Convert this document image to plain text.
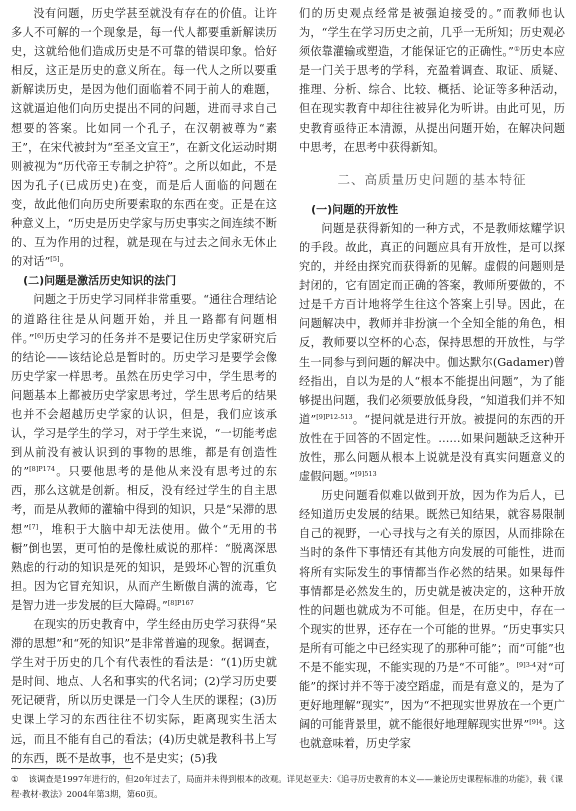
没有问题，历史学甚至就没有存在的价值。让许多人不可解的一个现象是，每一代人都要重新解读历史，这就给他们造成历史是不可靠的错误印象。恰好相反，这正是历史的意义所在。每一代人之所以要重新解读历史，是因为他们面临着不同于前人的难题，这就逼迫他们向历史提出不同的问题，进而寻求自己想要的答案。比如同一个孔子，在汉朝被尊为“素王”，在宋代被封为“至圣文宣王”，在新文化运动时期则被视为“历代帝王专制之护符”。之所以如此，不是因为孔子(已成历史)在变，而是后人面临的问题在变，故此他们向历史所要索取的东西在变。正是在这种意义上，“历史是历史学家与历史事实之间连续不断的、互为作用的过程，就是现在与过去之间永无休止的对话”[5]。

(二)问题是激活历史知识的法门

问题之于历史学习同样非常重要。“通往合理结论的道路往往是从问题开始，并且一路都有问题相伴。”[6]历史学习的任务并不是要记住历史学家研究后的结论——该结论总是暂时的。历史学习是要学会像历史学家一样思考。虽然在历史学习中，学生思考的问题基本上都被历史学家思考过，学生思考后的结果也并不会超越历史学家的认识，但是，我们应该承认，学习是学生的学习，对于学生来说，“一切能考虑到从前没有被认识到的事物的思维，都是有创造性的”$^{[8]P174}$。只要他思考的是他从来没有思考过的东西，那么这就是创新。相反，没有经过学生的自主思考，而是从教师的灌输中得到的知识，只是“呆滞的思想”[7]，堆积于大脑中却无法使用。做个“无用的书橱”倒也罢，更可怕的是像杜威说的那样：“脱离深思熟虑的行动的知识是死的知识，是毁坏心智的沉重负担。因为它冒充知识，从而产生断傲自满的流毒，它是智力进一步发展的巨大障碍。”$^{[8]P167}$

在现实的历史教育中，学生经由历史学习获得“呆滞的思想”和“死的知识”是非常普遍的现象。据调查，学生对于历史的几个有代表性的看法是：“(1)历史就是时间、地点、人名和事实的代名词；(2)学习历史要死记硬背，所以历史课是一门令人生厌的课程；(3)历史课上学习的东西往往不切实际，距离现实生活太远，而且不能有自己的看法；(4)历史就是教科书上写的东西，既不是故事，也不是史实；(5)我

们的历史观点经常是被强迫接受的。”而教师也认为，“学生在学习历史之前，几乎一无所知；历史观必须依靠灌输或塑造，才能保证它的正确性。”①历史本应是一门关于思考的学科，充盈着调查、取证、质疑、推理、分析、综合、比较、概括、论证等多种活动，但在现实教育中却往往被异化为听讲。由此可见，历史教育亟待正本清源，从提出问题开始，在解决问题中思考，在思考中获得新知。

二、高质量历史问题的基本特征
(一)问题的开放性

问题是获得新知的一种方式，不是教师炫耀学识的手段。故此，真正的问题应具有开放性，是可以探究的，并经由探究而获得新的见解。虚假的问题则是封闭的，它有固定而正确的答案，教师所要做的，不过是千方百计地将学生往这个答案上引导。因此，在问题解决中，教师并非扮演一个全知全能的角色，相反，教师要以空杯的心态，保持思想的开放性，与学生一同参与到问题的解决中。伽达默尔(Gadamer)曾经指出，自以为是的人“根本不能提出问题”，为了能够提出问题，我们必须要放低身段，“知道我们并不知道”$^{[9]P12-513}$。“提问就是进行开放。被提问的东西的开放性在于回答的不固定性。……如果问题缺乏这种开放性，那么问题从根本上说就是没有真实问题意义的虚假问题。”$^{[9]513}$

历史问题看似难以做到开放，因为作为后人，已经知道历史发展的结果。既然已知结果，就容易限制自己的视野，一心寻找与之有关的原因，从而排除在当时的条件下事情还有其他方向发展的可能性，进而将所有实际发生的事情都当作必然的结果。如果每件事情都是必然发生的，历史就是被决定的，这种开放性的问题也就成为不可能。但是，在历史中，存在一个现实的世界，还存在一个可能的世界。“历史事实只是所有可能之中已经实现了的那种可能”；而“可能”也不是不能实现，不能实现的乃是“不可能”。$^{[9]3-4}$对“可能”的探讨并不等于凌空蹈虚，而是有意义的，是为了更好地理解“现实”，因为“不把现实世界放在一个更广阔的可能背景里，就不能很好地理解现实世界”$^{[9]4}$。这也就意味着，历史学家

① 该调查是1997年进行的，但20年过去了，局面并未得到根本的改观。详见赵亚夫：《追寻历史教育的本义——兼论历史课程标准的功能》，载《课程·教材·教法》2004年第3期，第60页。
